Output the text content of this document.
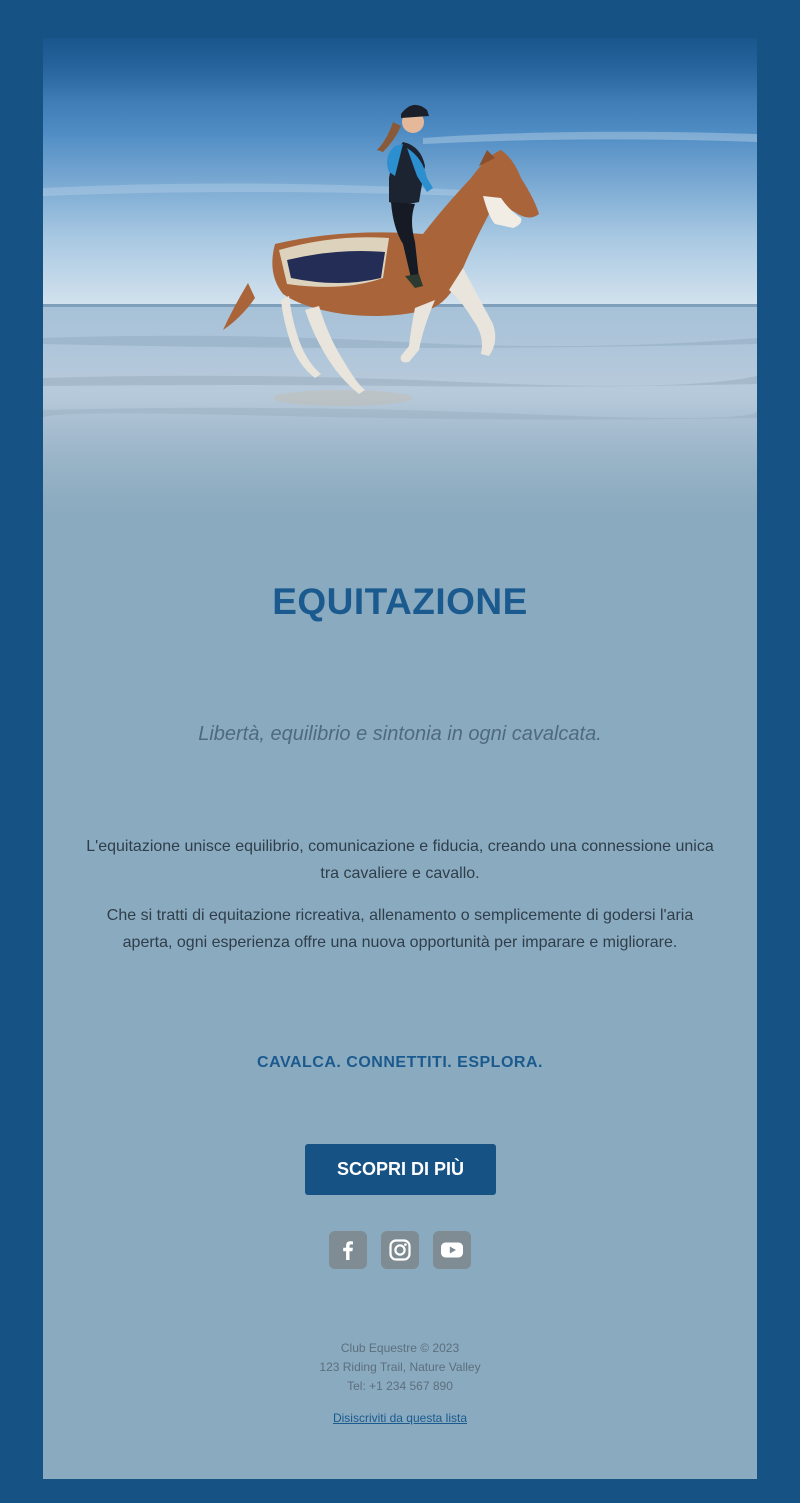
EQUITAZIONE

Libertà, equilibrio e sintonia in ogni cavalcata.

L'equitazione unisce equilibrio, comunicazione e fiducia, creando una connessione unica tra cavaliere e cavallo.

Che si tratti di equitazione ricreativa, allenamento o semplicemente di godersi l'aria aperta, ogni esperienza offre una nuova opportunità per imparare e migliorare.

CAVALCA. CONNETTITI. ESPLORA.

SCOPRI DI PIÙ

Club Equestre © 2023

123 Riding Trail, Nature Valley

Tel: +1 234 567 890

Disiscriviti da questa lista
